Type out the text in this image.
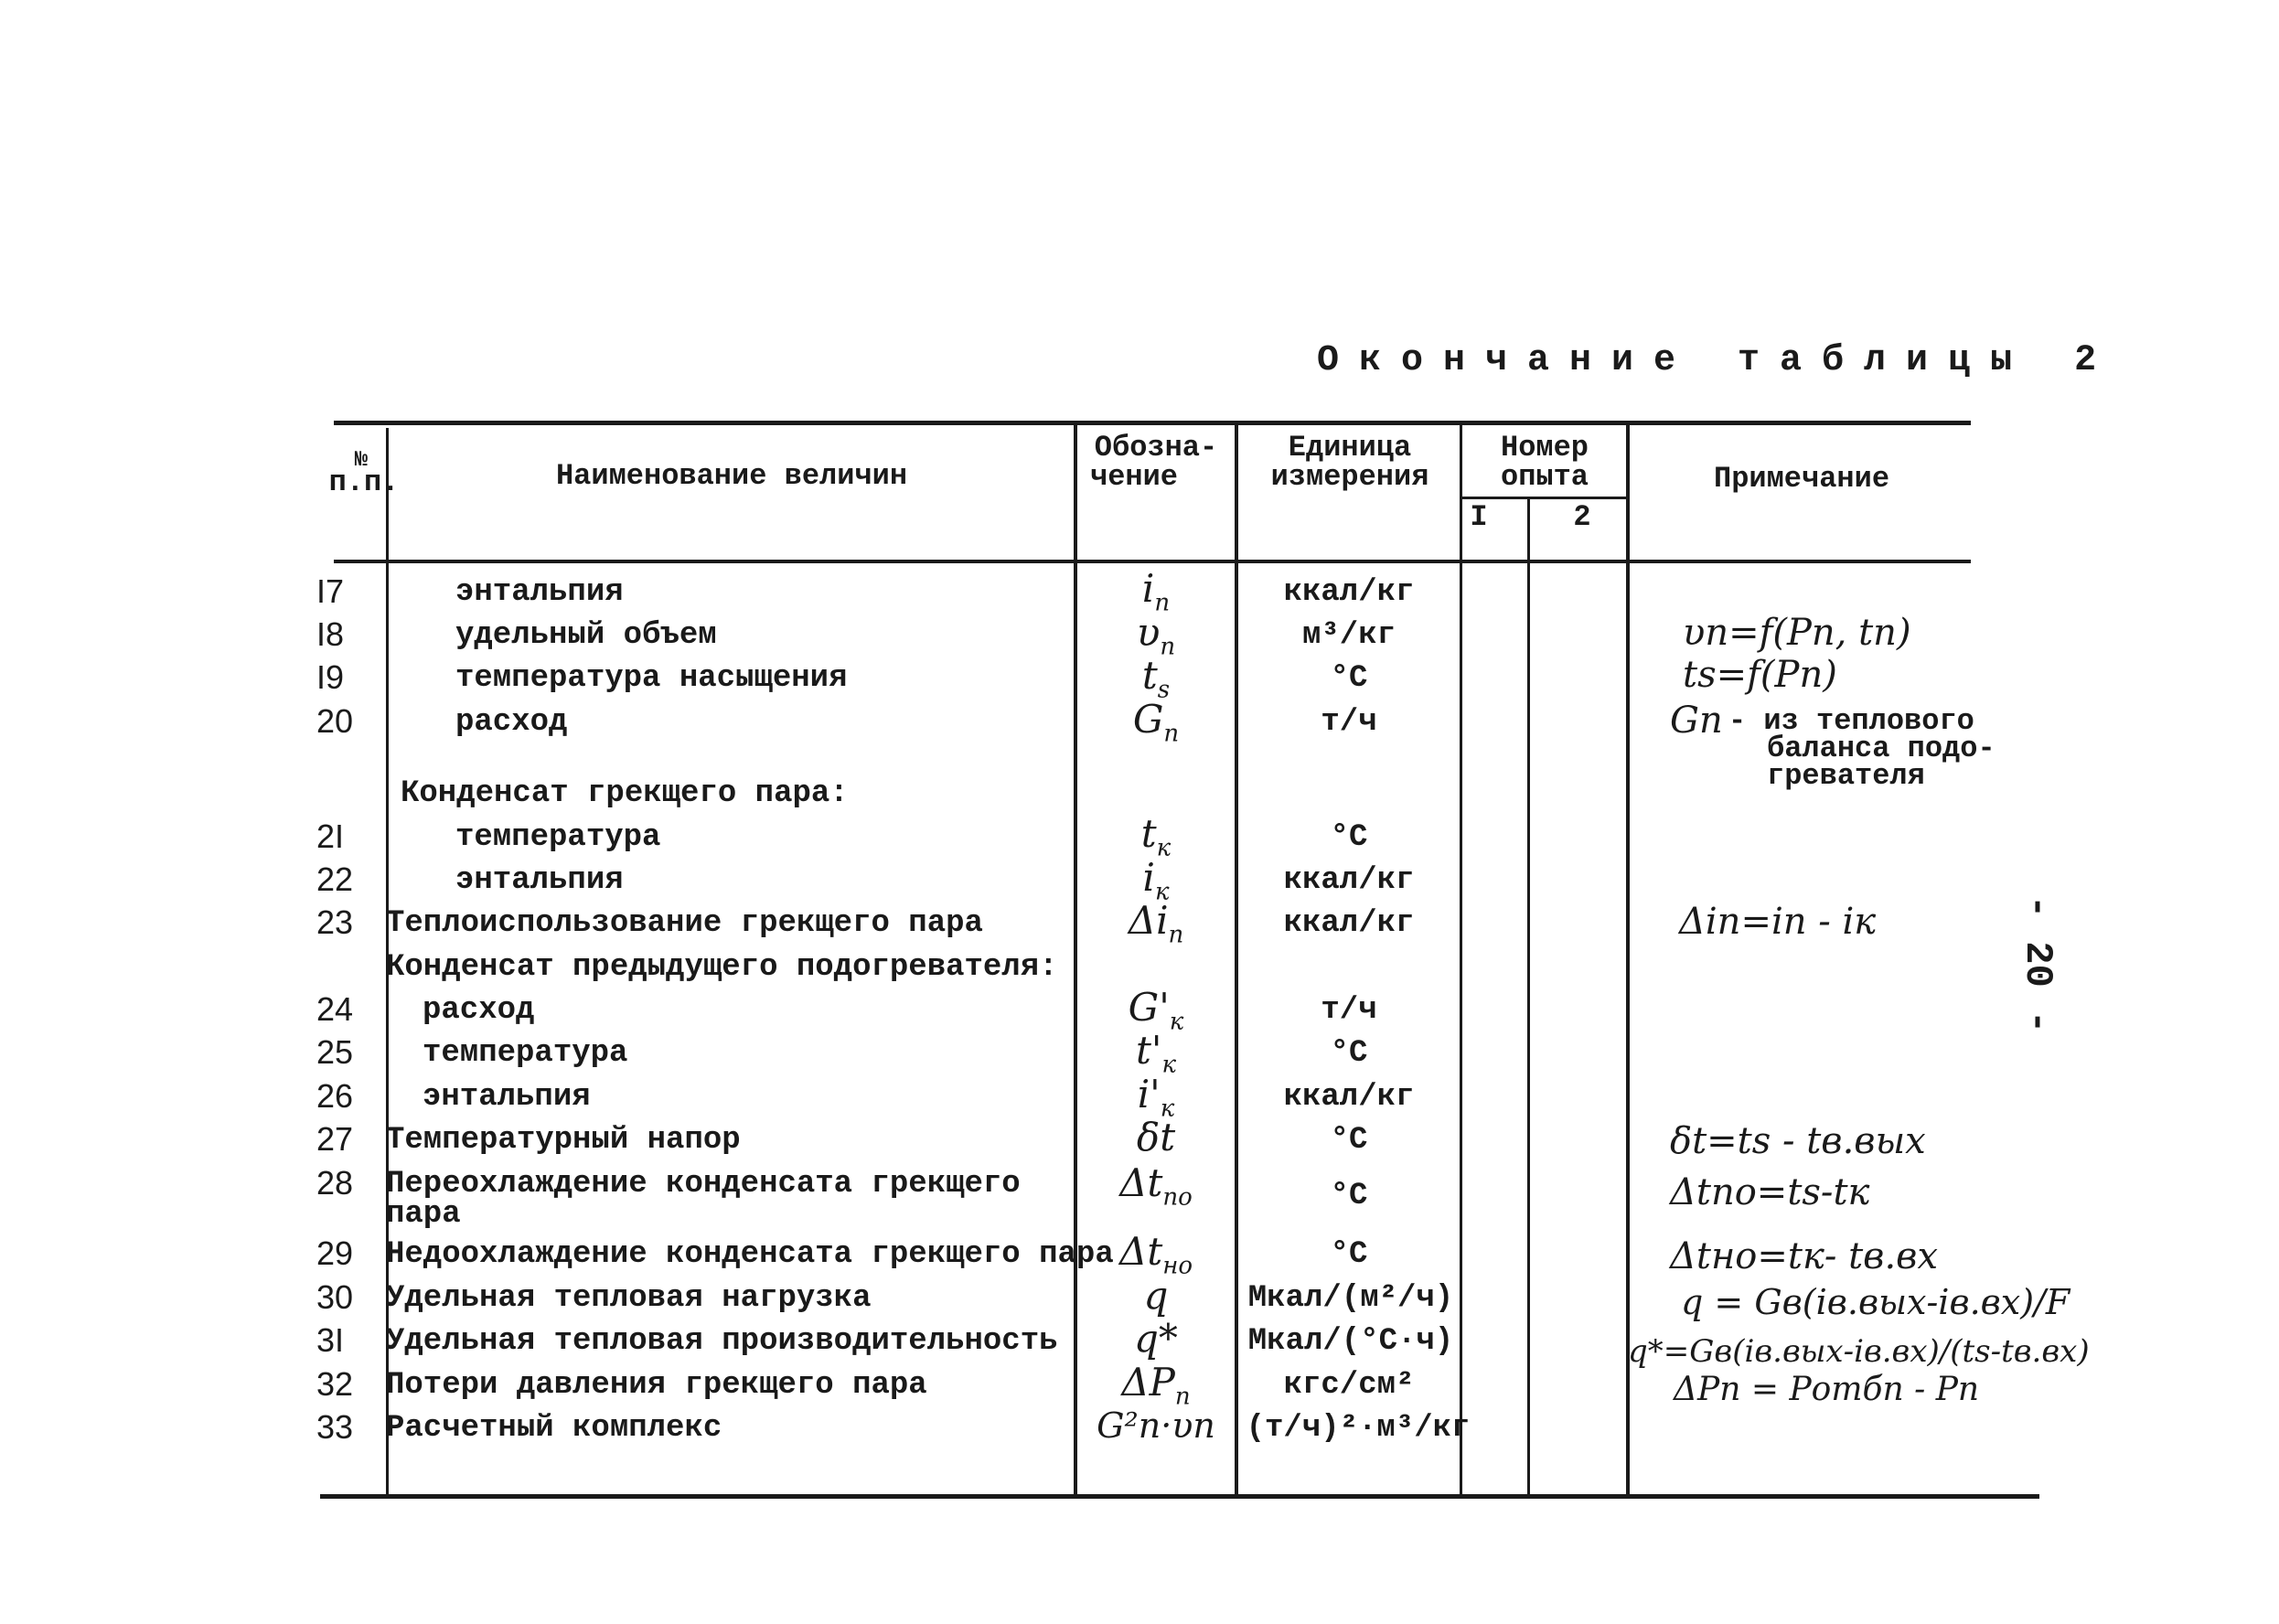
Окончание таблицы 2
- 20 -
№
п.п.	Наименование величин
Обозна-
чение
Единица
измерения
Номер
опыта
I	2
Примечание
I7
I8
I9
20
2I
22
23
24
25
26
27
28
29
30
3I
32
33
энтальпия
удельный объем
температура насыщения
расход
Конденсат грекщего пара:
температура
энтальпия
Теплоиспользование грекщего пара
Конденсат предыдущего подогревателя:
расход
температура
энтальпия
Температурный напор
Переохлаждение конденсата грекщего
пара
Недоохлаждение конденсата грекщего пара
Удельная тепловая нагрузка
Удельная тепловая производительность
Потери давления грекщего пара
Расчетный комплекс
$i_п$
$\upsilon_п$
$t_s$
$G_п$
$t_к$
$i_к$
$\Delta i_п$
$G'_к$
$t'_к$
$i'_к$
δt
$\Delta t_{по}$
$\Delta t_{но}$
q
q*
$\Delta P_п$
G²п·υп
ккал/кг
м³/кг
°С
т/ч
°С
ккал/кг
ккал/кг
т/ч
°С
ккал/кг
°С
°С
°С
Мкал/(м²/ч)
Мкал/(°С·ч)
кгс/см²
(т/ч)²·м³/кг
υп=f(Pп, tп)
ts=f(Pп)
Gп - из теплового
баланса подо-
гревателя
Δiп=iп - iк
δt=ts - tв.вых
Δtпо=ts-tк
Δtно=tк- tв.вх
q = Gв(iв.вых-iв.вх)/F
q*=Gв(iв.вых-iв.вх)/(ts-tв.вх)
ΔPп = Pотбп - Pп
